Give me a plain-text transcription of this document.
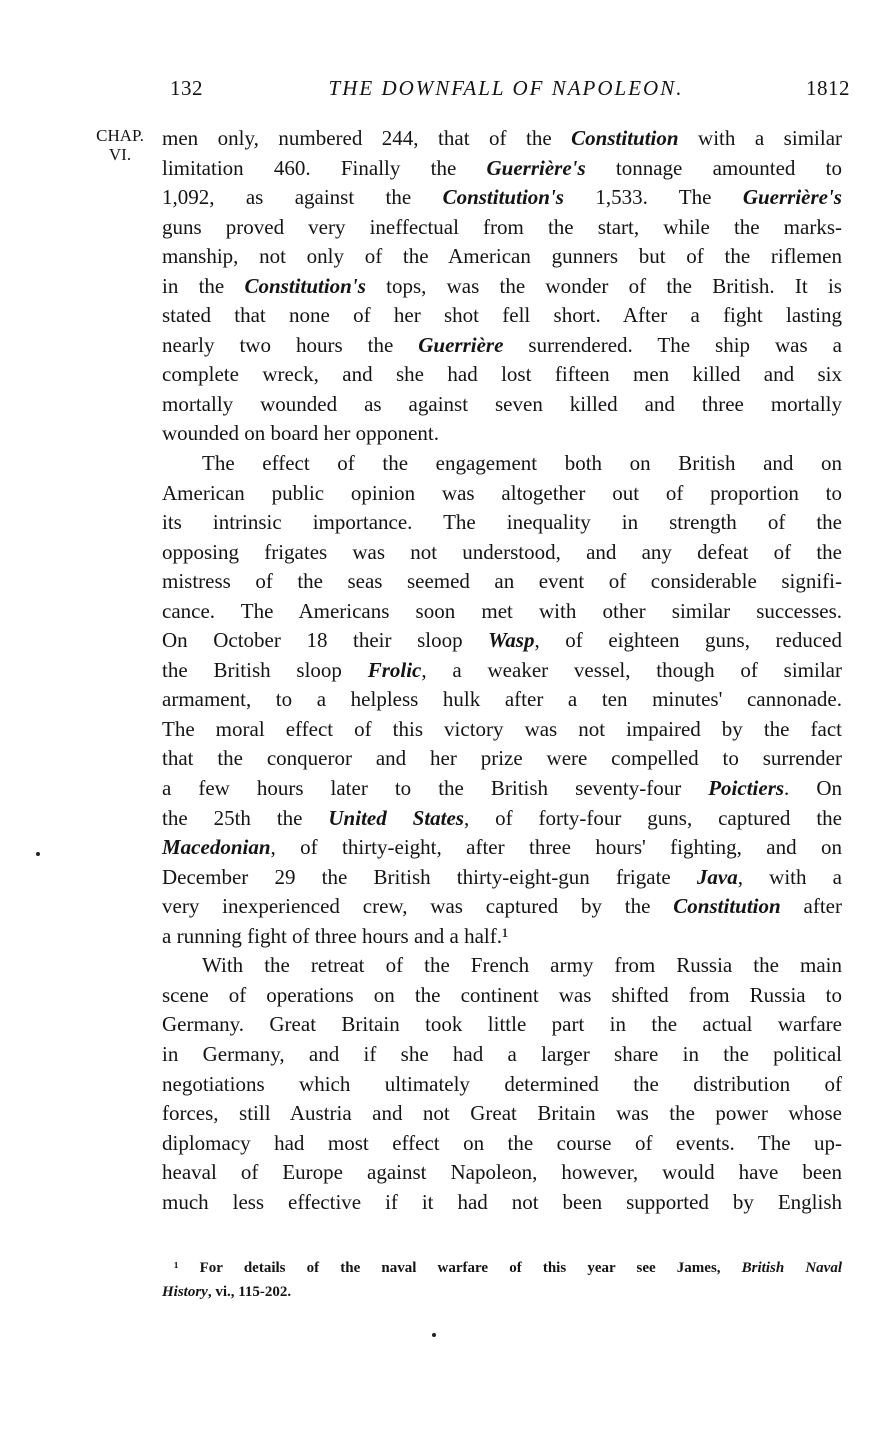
132	THE DOWNFALL OF NAPOLEON.	1812
CHAP.
VI.
men only, numbered 244, that of the Constitution with a similar
limitation 460. Finally the Guerrière's tonnage amounted to
1,092, as against the Constitution's 1,533. The Guerrière's
guns proved very ineffectual from the start, while the marks-
manship, not only of the American gunners but of the riflemen
in the Constitution's tops, was the wonder of the British. It is
stated that none of her shot fell short. After a fight lasting
nearly two hours the Guerrière surrendered. The ship was a
complete wreck, and she had lost fifteen men killed and six
mortally wounded as against seven killed and three mortally
wounded on board her opponent.
The effect of the engagement both on British and on
American public opinion was altogether out of proportion to
its intrinsic importance. The inequality in strength of the
opposing frigates was not understood, and any defeat of the
mistress of the seas seemed an event of considerable signifi-
cance. The Americans soon met with other similar successes.
On October 18 their sloop Wasp, of eighteen guns, reduced
the British sloop Frolic, a weaker vessel, though of similar
armament, to a helpless hulk after a ten minutes' cannonade.
The moral effect of this victory was not impaired by the fact
that the conqueror and her prize were compelled to surrender
a few hours later to the British seventy-four Poictiers. On
the 25th the United States, of forty-four guns, captured the
Macedonian, of thirty-eight, after three hours' fighting, and on
December 29 the British thirty-eight-gun frigate Java, with a
very inexperienced crew, was captured by the Constitution after
a running fight of three hours and a half.¹
With the retreat of the French army from Russia the main
scene of operations on the continent was shifted from Russia to
Germany. Great Britain took little part in the actual warfare
in Germany, and if she had a larger share in the political
negotiations which ultimately determined the distribution of
forces, still Austria and not Great Britain was the power whose
diplomacy had most effect on the course of events. The up-
heaval of Europe against Napoleon, however, would have been
much less effective if it had not been supported by English
¹ For details of the naval warfare of this year see James, British Naval
History, vi., 115-202.
